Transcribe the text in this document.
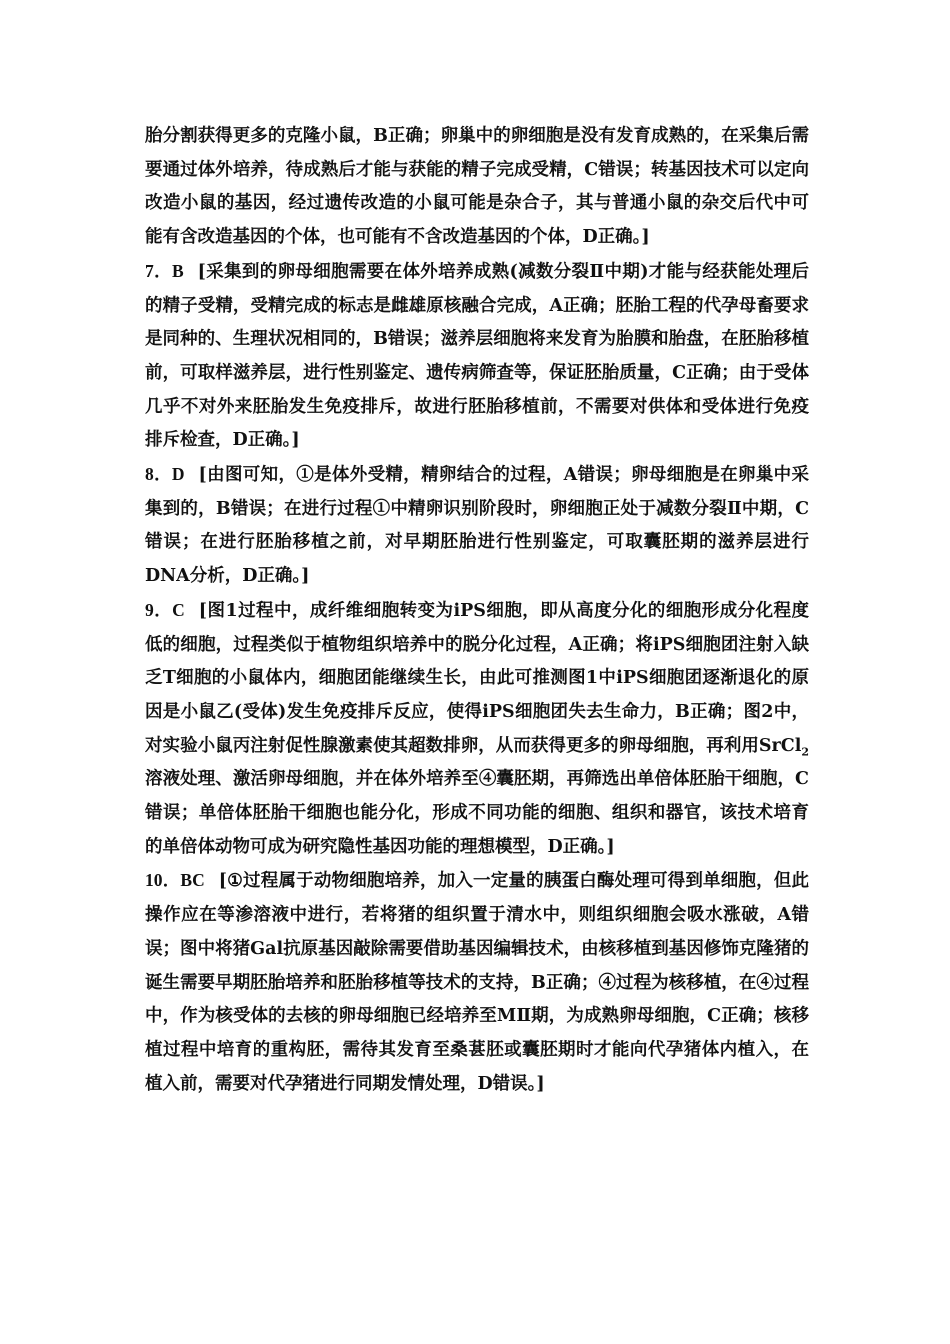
胎分割获得更多的克隆小鼠，B正确；卵巢中的卵细胞是没有发育成熟的，在采集后需要通过体外培养，待成熟后才能与获能的精子完成受精，C错误；转基因技术可以定向改造小鼠的基因，经过遗传改造的小鼠可能是杂合子，其与普通小鼠的杂交后代中可能有含改造基因的个体，也可能有不含改造基因的个体，D正确。]

7．B [采集到的卵母细胞需要在体外培养成熟(减数分裂Ⅱ中期)才能与经获能处理后的精子受精，受精完成的标志是雌雄原核融合完成，A正确；胚胎工程的代孕母畜要求是同种的、生理状况相同的，B错误；滋养层细胞将来发育为胎膜和胎盘，在胚胎移植前，可取样滋养层，进行性别鉴定、遗传病筛查等，保证胚胎质量，C正确；由于受体几乎不对外来胚胎发生免疫排斥，故进行胚胎移植前，不需要对供体和受体进行免疫排斥检查，D正确。]

8．D [由图可知，①是体外受精，精卵结合的过程，A错误；卵母细胞是在卵巢中采集到的，B错误；在进行过程①中精卵识别阶段时，卵细胞正处于减数分裂Ⅱ中期，C错误；在进行胚胎移植之前，对早期胚胎进行性别鉴定，可取囊胚期的滋养层进行DNA分析，D正确。]

9．C [图1过程中，成纤维细胞转变为iPS细胞，即从高度分化的细胞形成分化程度低的细胞，过程类似于植物组织培养中的脱分化过程，A正确；将iPS细胞团注射入缺乏T细胞的小鼠体内，细胞团能继续生长，由此可推测图1中iPS细胞团逐渐退化的原因是小鼠乙(受体)发生免疫排斥反应，使得iPS细胞团失去生命力，B正确；图2中，对实验小鼠丙注射促性腺激素使其超数排卵，从而获得更多的卵母细胞，再利用SrCl$_2$溶液处理、激活卵母细胞，并在体外培养至④囊胚期，再筛选出单倍体胚胎干细胞，C错误；单倍体胚胎干细胞也能分化，形成不同功能的细胞、组织和器官，该技术培育的单倍体动物可成为研究隐性基因功能的理想模型，D正确。]

10．BC [①过程属于动物细胞培养，加入一定量的胰蛋白酶处理可得到单细胞，但此操作应在等渗溶液中进行，若将猪的组织置于清水中，则组织细胞会吸水涨破，A错误；图中将猪Gal抗原基因敲除需要借助基因编辑技术，由核移植到基因修饰克隆猪的诞生需要早期胚胎培养和胚胎移植等技术的支持，B正确；④过程为核移植，在④过程中，作为核受体的去核的卵母细胞已经培养至MⅡ期，为成熟卵母细胞，C正确；核移植过程中培育的重构胚，需待其发育至桑葚胚或囊胚期时才能向代孕猪体内植入，在植入前，需要对代孕猪进行同期发情处理，D错误。]
